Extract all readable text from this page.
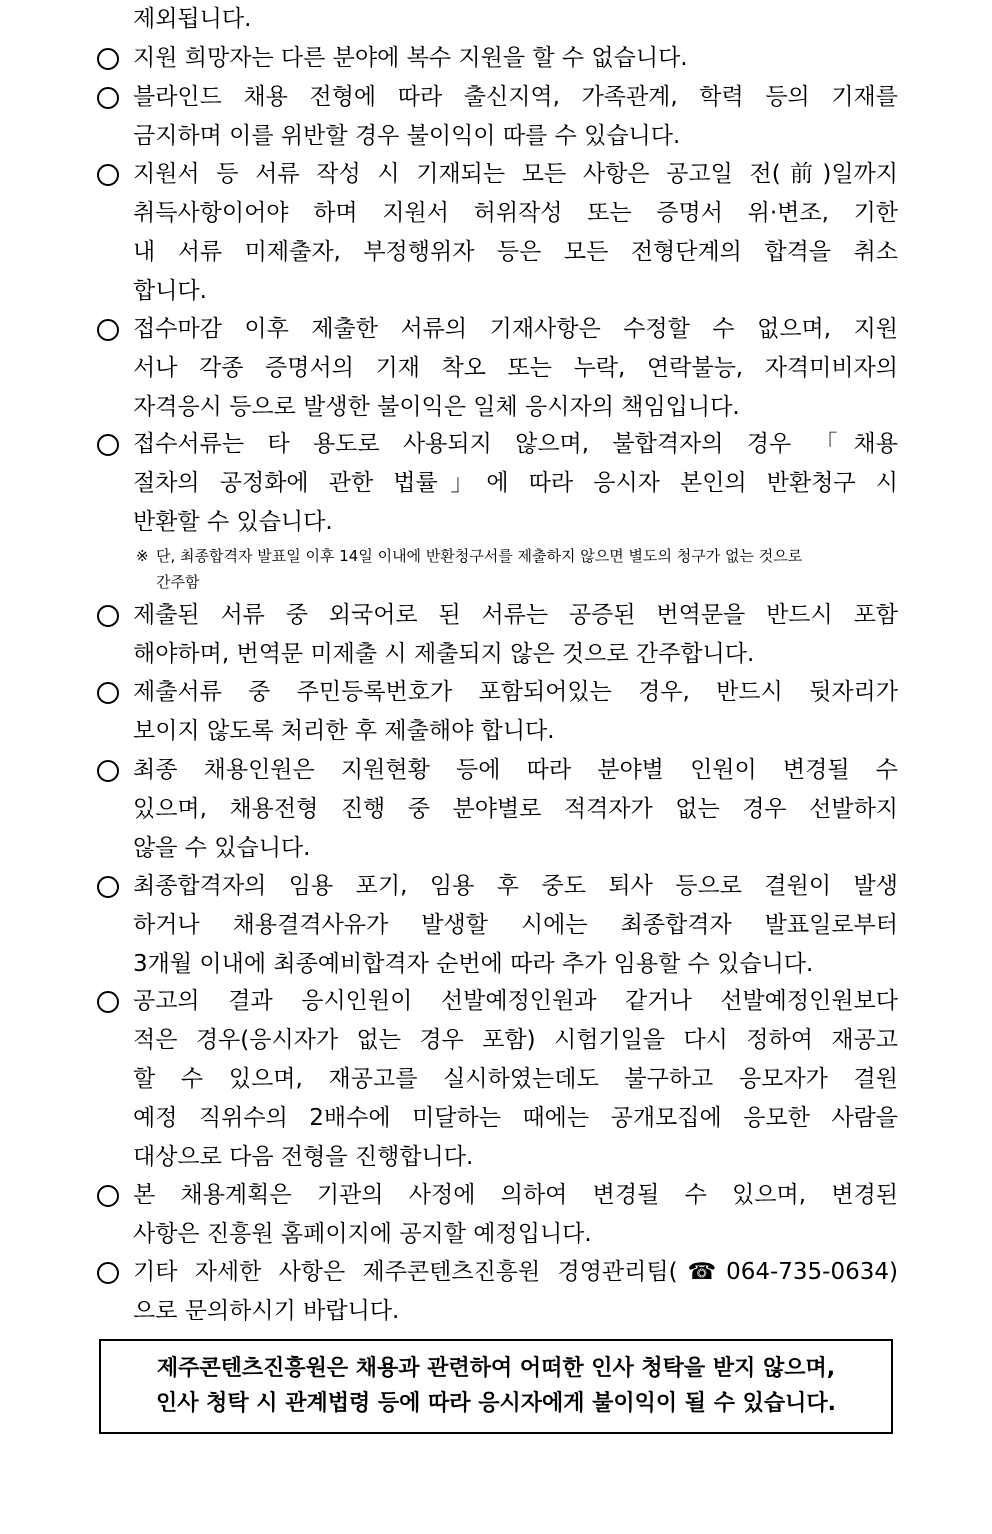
제외됩니다.
지원 희망자는 다른 분야에 복수 지원을 할 수 없습니다.
블라인드 채용 전형에 따라 출신지역, 가족관계, 학력 등의 기재를
금지하며 이를 위반할 경우 불이익이 따를 수 있습니다.
지원서 등 서류 작성 시 기재되는 모든 사항은 공고일 전(前)일까지
취득사항이어야 하며 지원서 허위작성 또는 증명서 위·변조, 기한
내 서류 미제출자, 부정행위자 등은 모든 전형단계의 합격을 취소
합니다.
접수마감 이후 제출한 서류의 기재사항은 수정할 수 없으며, 지원
서나 각종 증명서의 기재 착오 또는 누락, 연락불능, 자격미비자의
자격응시 등으로 발생한 불이익은 일체 응시자의 책임입니다.
접수서류는 타 용도로 사용되지 않으며, 불합격자의 경우 「채용
절차의 공정화에 관한 법률」에 따라 응시자 본인의 반환청구 시
반환할 수 있습니다.
※ 단, 최종합격자 발표일 이후 14일 이내에 반환청구서를 제출하지 않으면 별도의 청구가 없는 것으로
간주함
제출된 서류 중 외국어로 된 서류는 공증된 번역문을 반드시 포함
해야하며, 번역문 미제출 시 제출되지 않은 것으로 간주합니다.
제출서류 중 주민등록번호가 포함되어있는 경우, 반드시 뒷자리가
보이지 않도록 처리한 후 제출해야 합니다.
최종 채용인원은 지원현황 등에 따라 분야별 인원이 변경될 수
있으며, 채용전형 진행 중 분야별로 적격자가 없는 경우 선발하지
않을 수 있습니다.
최종합격자의 임용 포기, 임용 후 중도 퇴사 등으로 결원이 발생
하거나 채용결격사유가 발생할 시에는 최종합격자 발표일로부터
3개월 이내에 최종예비합격자 순번에 따라 추가 임용할 수 있습니다.
공고의 결과 응시인원이 선발예정인원과 같거나 선발예정인원보다
적은 경우(응시자가 없는 경우 포함) 시험기일을 다시 정하여 재공고
할 수 있으며, 재공고를 실시하였는데도 불구하고 응모자가 결원
예정 직위수의 2배수에 미달하는 때에는 공개모집에 응모한 사람을
대상으로 다음 전형을 진행합니다.
본 채용계획은 기관의 사정에 의하여 변경될 수 있으며, 변경된
사항은 진흥원 홈페이지에 공지할 예정입니다.
기타 자세한 사항은 제주콘텐츠진흥원 경영관리팀(☎064-735-0634)
으로 문의하시기 바랍니다.
제주콘텐츠진흥원은 채용과 관련하여 어떠한 인사 청탁을 받지 않으며,
인사 청탁 시 관계법령 등에 따라 응시자에게 불이익이 될 수 있습니다.
